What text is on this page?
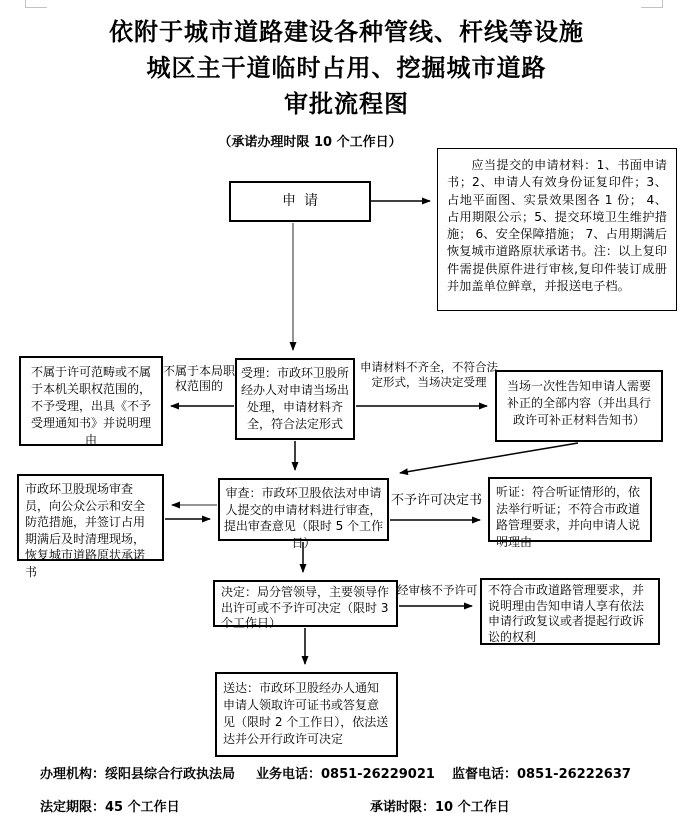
依附于城市道路建设各种管线、杆线等设施
城区主干道临时占用、挖掘城市道路
审批流程图
（承诺办理时限 10 个工作日）
应当提交的申请材料：1、书面申请书；2、申请人有效身份证复印件；3、占地平面图、实景效果图各 1 份； 4、占用期限公示；5、提交环境卫生维护措施； 6、安全保障措施； 7、占用期满后恢复城市道路原状承诺书。注：以上复印件需提供原件进行审核,复印件装订成册并加盖单位鲜章，并报送电子档。
申请
受理：市政环卫股所经办人对申请当场出处理，申请材料齐全，符合法定形式
不属于许可范畴或不属于本机关职权范围的，不予受理，出具《不予受理通知书》并说明理由
当场一次性告知申请人需要补正的全部内容（并出具行政许可补正材料告知书）
审查：市政环卫股依法对申请人提交的申请材料进行审查，提出审查意见（限时 5 个工作日）
市政环卫股现场审查员，向公众公示和安全防范措施，并签订占用期满后及时清理现场，恢复城市道路原状承诺书
听证：符合听证情形的，依法举行听证；不符合市政道路管理要求，并向申请人说明理由
决定：局分管领导，主要领导作出许可或不予许可决定（限时 3 个工作日）
不符合市政道路管理要求，并说明理由告知申请人享有依法申请行政复议或者提起行政诉讼的权利
送达：市政环卫股经办人通知申请人领取许可证书或答复意见（限时 2 个工作日），依法送达并公开行政许可决定
不属于本局职权范围的
申请材料不齐全，不符合法定形式，当场决定受理
不予许可决定书
经审核不予许可
办理机构：绥阳县综合行政执法局 业务电话：0851-26229021 监督电话：0851-26222637
法定期限：45 个工作日	承诺时限：10 个工作日
